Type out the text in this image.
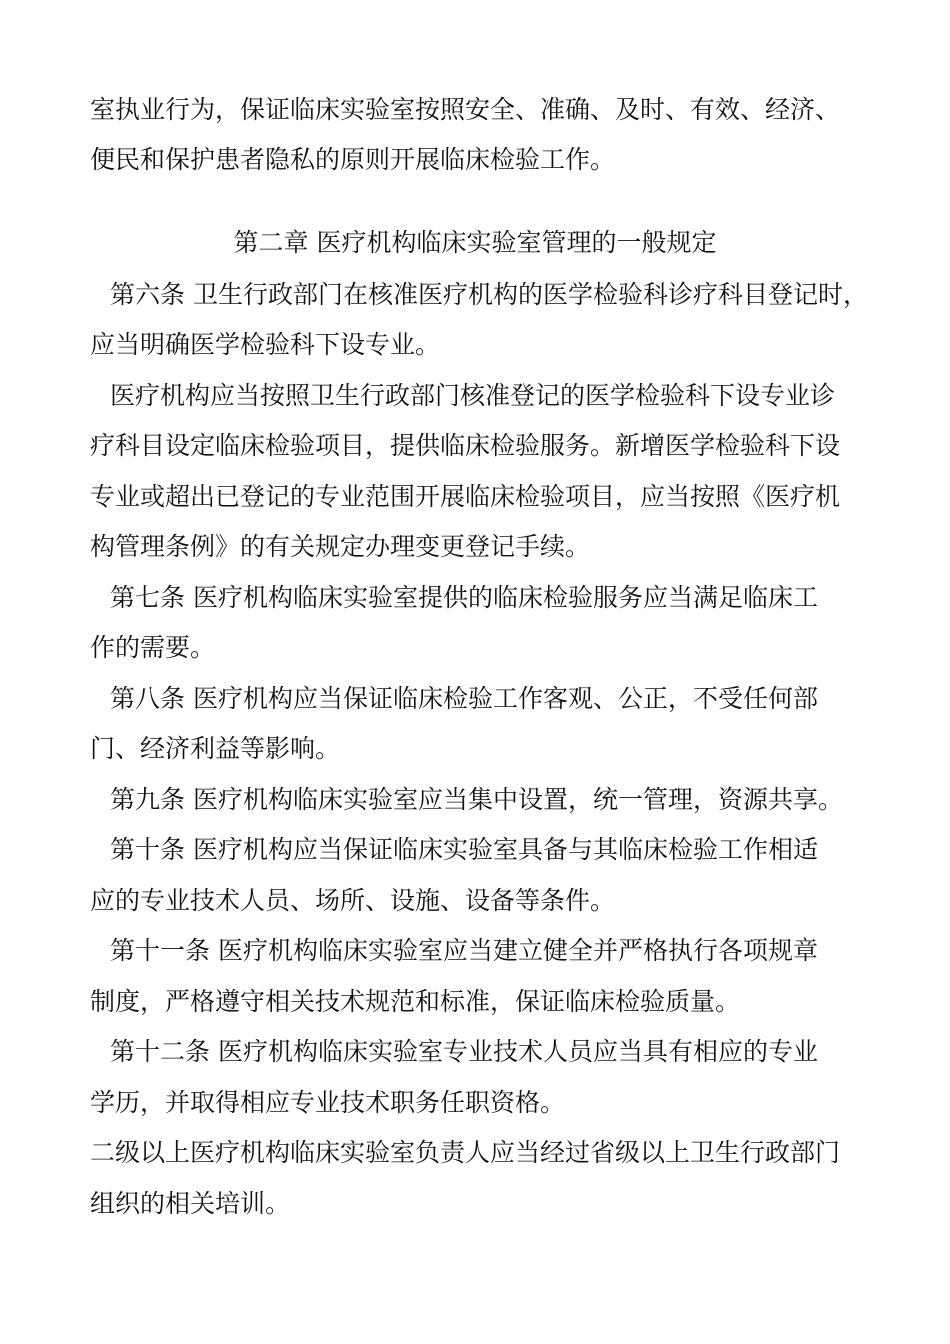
室执业行为，保证临床实验室按照安全、准确、及时、有效、经济、
便民和保护患者隐私的原则开展临床检验工作。
第二章 医疗机构临床实验室管理的一般规定
第六条 卫生行政部门在核准医疗机构的医学检验科诊疗科目登记时，
应当明确医学检验科下设专业。
医疗机构应当按照卫生行政部门核准登记的医学检验科下设专业诊
疗科目设定临床检验项目，提供临床检验服务。新增医学检验科下设
专业或超出已登记的专业范围开展临床检验项目，应当按照《医疗机
构管理条例》的有关规定办理变更登记手续。
第七条 医疗机构临床实验室提供的临床检验服务应当满足临床工
作的需要。
第八条 医疗机构应当保证临床检验工作客观、公正，不受任何部
门、经济利益等影响。
第九条 医疗机构临床实验室应当集中设置，统一管理，资源共享。
第十条 医疗机构应当保证临床实验室具备与其临床检验工作相适
应的专业技术人员、场所、设施、设备等条件。
第十一条 医疗机构临床实验室应当建立健全并严格执行各项规章
制度，严格遵守相关技术规范和标准，保证临床检验质量。
第十二条 医疗机构临床实验室专业技术人员应当具有相应的专业
学历，并取得相应专业技术职务任职资格。
二级以上医疗机构临床实验室负责人应当经过省级以上卫生行政部门
组织的相关培训。
